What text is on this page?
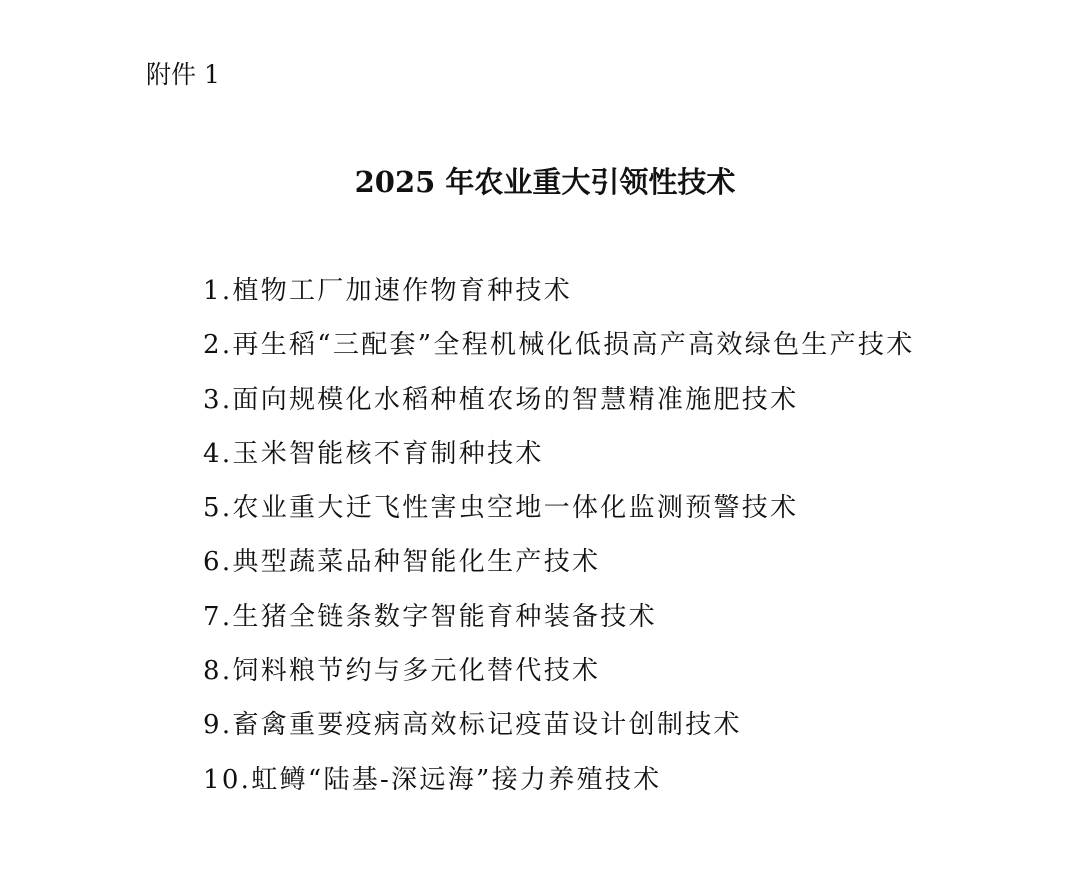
附件 1
2025 年农业重大引领性技术
1.植物工厂加速作物育种技术
2.再生稻“三配套”全程机械化低损高产高效绿色生产技术
3.面向规模化水稻种植农场的智慧精准施肥技术
4.玉米智能核不育制种技术
5.农业重大迁飞性害虫空地一体化监测预警技术
6.典型蔬菜品种智能化生产技术
7.生猪全链条数字智能育种装备技术
8.饲料粮节约与多元化替代技术
9.畜禽重要疫病高效标记疫苗设计创制技术
10.虹鳟“陆基-深远海”接力养殖技术
